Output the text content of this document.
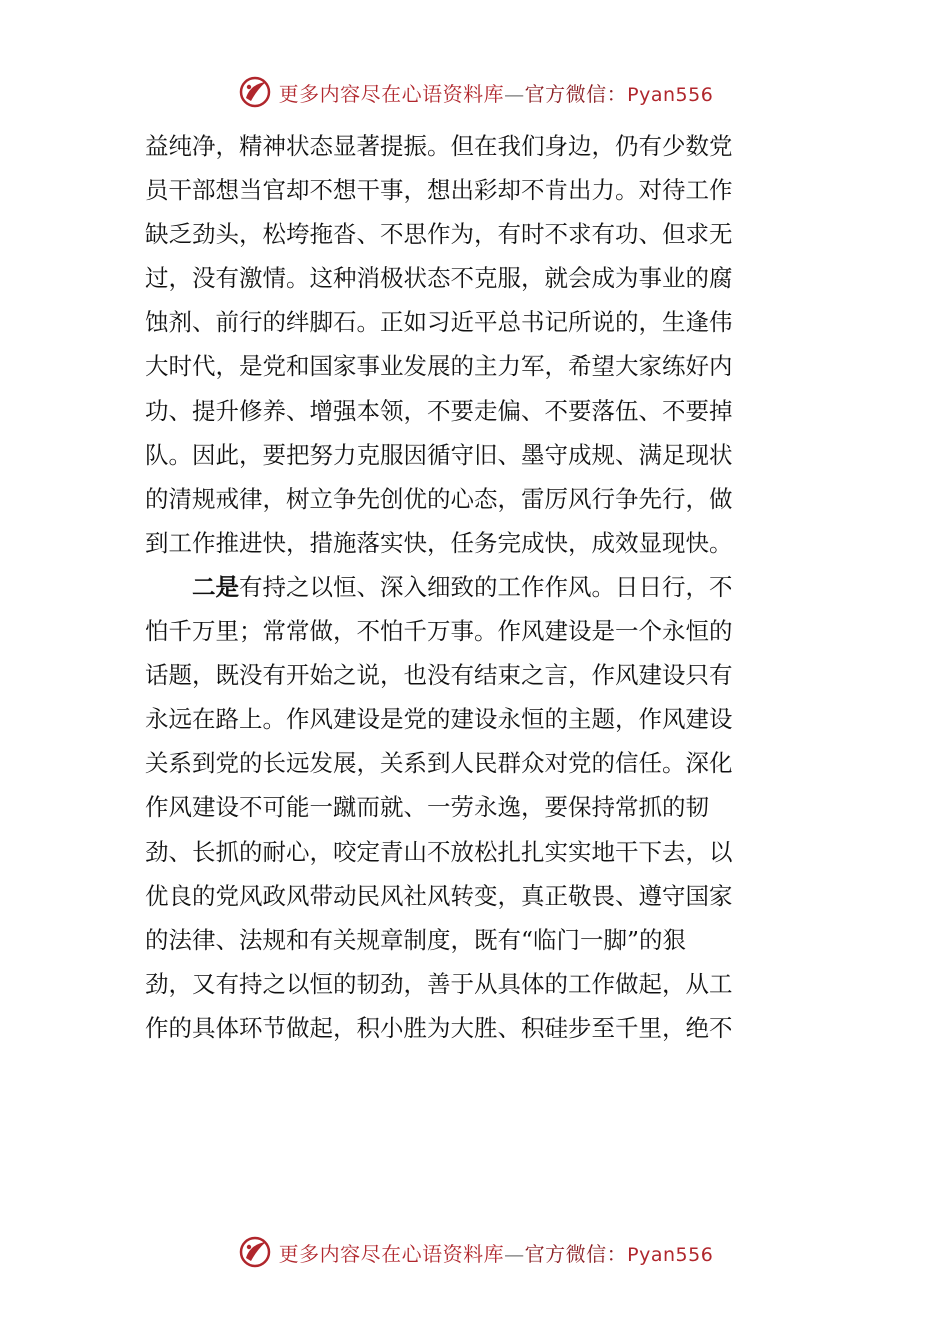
更多内容尽在心语资料库—官方微信：Pyan556
益纯净，精神状态显著提振。但在我们身边，仍有少数党
员干部想当官却不想干事，想出彩却不肯出力。对待工作
缺乏劲头，松垮拖沓、不思作为，有时不求有功、但求无
过，没有激情。这种消极状态不克服，就会成为事业的腐
蚀剂、前行的绊脚石。正如习近平总书记所说的，生逢伟
大时代，是党和国家事业发展的主力军，希望大家练好内
功、提升修养、增强本领，不要走偏、不要落伍、不要掉
队。因此，要把努力克服因循守旧、墨守成规、满足现状
的清规戒律，树立争先创优的心态，雷厉风行争先行，做
到工作推进快，措施落实快，任务完成快，成效显现快。
二是有持之以恒、深入细致的工作作风。日日行，不
怕千万里；常常做，不怕千万事。作风建设是一个永恒的
话题，既没有开始之说，也没有结束之言，作风建设只有
永远在路上。作风建设是党的建设永恒的主题，作风建设
关系到党的长远发展，关系到人民群众对党的信任。深化
作风建设不可能一蹴而就、一劳永逸，要保持常抓的韧
劲、长抓的耐心，咬定青山不放松扎扎实实地干下去，以
优良的党风政风带动民风社风转变，真正敬畏、遵守国家
的法律、法规和有关规章制度，既有“临门一脚”的狠
劲，又有持之以恒的韧劲，善于从具体的工作做起，从工
作的具体环节做起，积小胜为大胜、积硅步至千里，绝不
更多内容尽在心语资料库—官方微信：Pyan556
